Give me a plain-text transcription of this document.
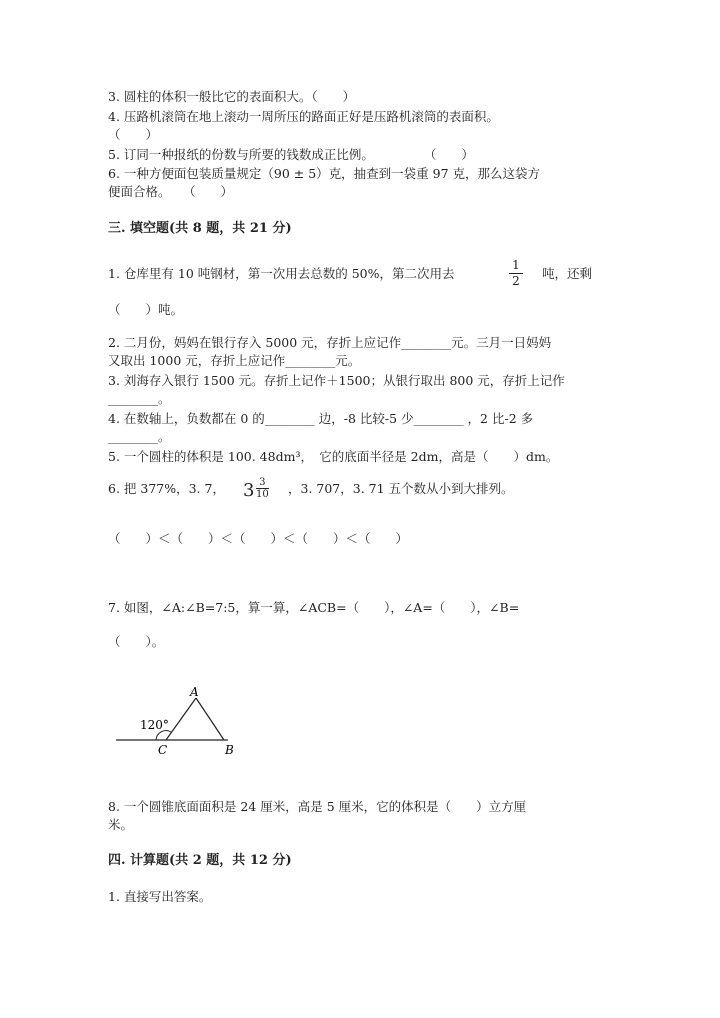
3. 圆柱的体积一般比它的表面积大。（　　）
4. 压路机滚筒在地上滚动一周所压的路面正好是压路机滚筒的表面积。
（　　）
5. 订同一种报纸的份数与所要的钱数成正比例。　　　　　（　　）
6. 一种方便面包装质量规定（90 ± 5）克，抽查到一袋重 97 克，那么这袋方
便面合格。　　（　　）
三. 填空题(共 8 题，共 21 分)
1. 仓库里有 10 吨钢材，第一次用去总数的 50%，第二次用去
1
2 吨，还剩
（　　）吨。
2. 二月份，妈妈在银行存入 5000 元，存折上应记作________元。三月一日妈妈
又取出 1000 元，存折上应记作________元。
3. 刘海存入银行 1500 元。存折上记作＋1500；从银行取出 800 元，存折上记作
________。
4. 在数轴上，负数都在 0 的________ 边，-8 比较-5 少________ ，2 比-2 多
________。
5. 一个圆柱的体积是 100. 48dm³，　它的底面半径是 2dm，高是（　　）dm。
6. 把 377%，3. 7， 3 3
10 ，3. 707，3. 71 五个数从小到大排列。
（　　）＜（　　）＜（　　）＜（　　）＜（　　）
7. 如图，∠A:∠B=7:5，算一算，∠ACB=（　　），∠A=（　　），∠B=
（　　）。
A
B
C
120°
8. 一个圆锥底面面积是 24 厘米，高是 5 厘米，它的体积是（　　）立方厘
米。
四. 计算题(共 2 题，共 12 分)
1. 直接写出答案。
